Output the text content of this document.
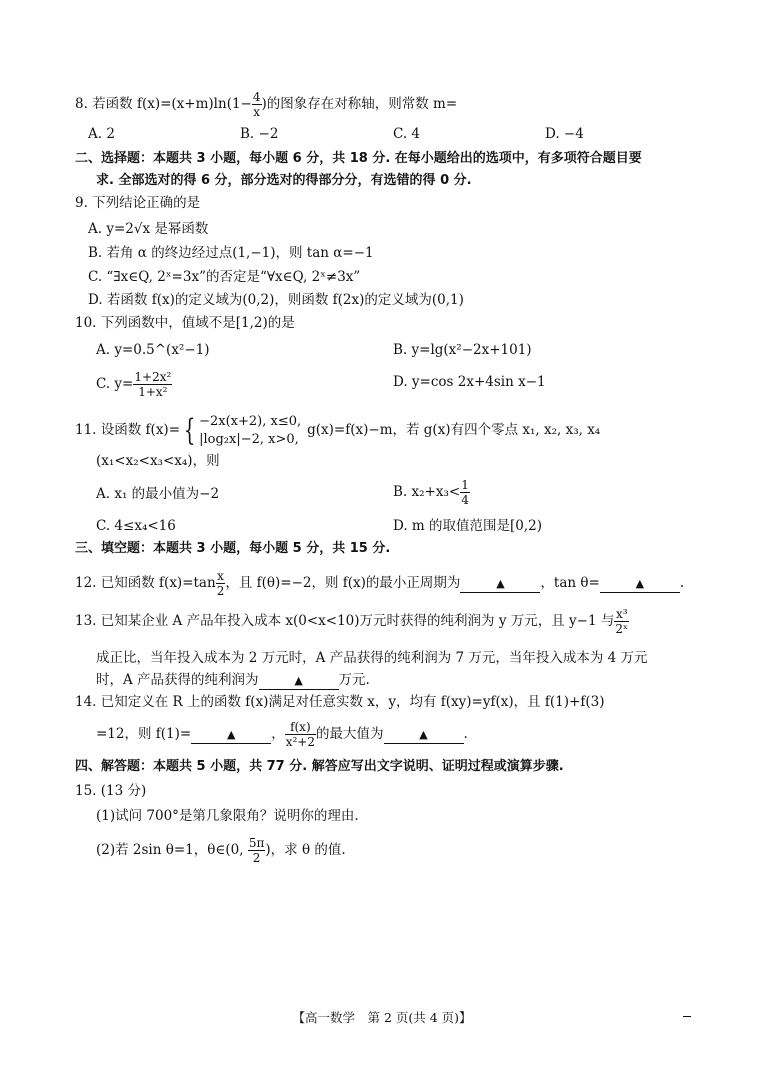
8. 若函数 $f(x)=(x+m)\ln(1- \frac{4}{x}$ )的图象存在对称轴，则常数 m=
A. 2	B. −2	C. 4	D. −4
二、选择题：本题共 3 小题，每小题 6 分，共 18 分. 在每小题给出的选项中，有多项符合题目要
求. 全部选对的得 6 分，部分选对的得部分分，有选错的得 0 分.
9. 下列结论正确的是
A. y=2√x 是幂函数
B. 若角 α 的终边经过点(1,−1)，则 tan α=−1
C. “∃x∈Q, 2ˣ=3x”的否定是“∀x∈Q, 2ˣ≠3x”
D. 若函数 f(x)的定义域为(0,2)，则函数 f(2x)的定义域为(0,1)
10. 下列函数中，值域不是[1,2)的是
A. y=0.5^(x²−1)	B. y=lg(x²−2x+101)
C. $y= \frac{\text{1+2x²}}{\text{1+x²}}$	D. y=cos 2x+4sin x−1
11. 设函数 f(x)= { −2x(x+2), x≤0,
|log₂x|−2, x>0,
g(x)=f(x)−m，若 g(x)有四个零点 x₁, x₂, x₃, x₄
(x₁<x₂<x₃<x₄)，则
A. x₁ 的最小值为−2	B. $x_2+x_3< \frac{1}{4}$
C. 4≤x₄<16	D. m 的取值范围是[0,2)
三、填空题：本题共 3 小题，每小题 5 分，共 15 分.
12. 已知函数 $f(x)=\tan \frac{x}{2}$ ，且 f(θ)=−2，则 f(x)的最小正周期为	▲	，tan θ=	▲	.
13. 已知某企业 A 产品年投入成本 x(0<x<10)万元时获得的纯利润为 y 万元，且 y−1 与 $\frac{\text{x³}}{\text{2ˣ}}$
成正比，当年投入成本为 2 万元时，A 产品获得的纯利润为 7 万元，当年投入成本为 4 万元
时，A 产品获得的纯利润为	▲	万元.
14. 已知定义在 R 上的函数 f(x)满足对任意实数 x，y，均有 f(xy)=yf(x)，且 f(1)+f(3)
=12，则 f(1)=	▲	， $\frac{f(x)}{\text{x²+2}}$ 的最大值为	▲	.
四、解答题：本题共 5 小题，共 77 分. 解答应写出文字说明、证明过程或演算步骤.
15. (13 分)
(1)试问 700°是第几象限角？说明你的理由.
(2)若 2sin θ=1，θ∈(0, $\frac{5\pi}{2}$ )，求 θ 的值.
【高一数学　第 2 页(共 4 页)】
